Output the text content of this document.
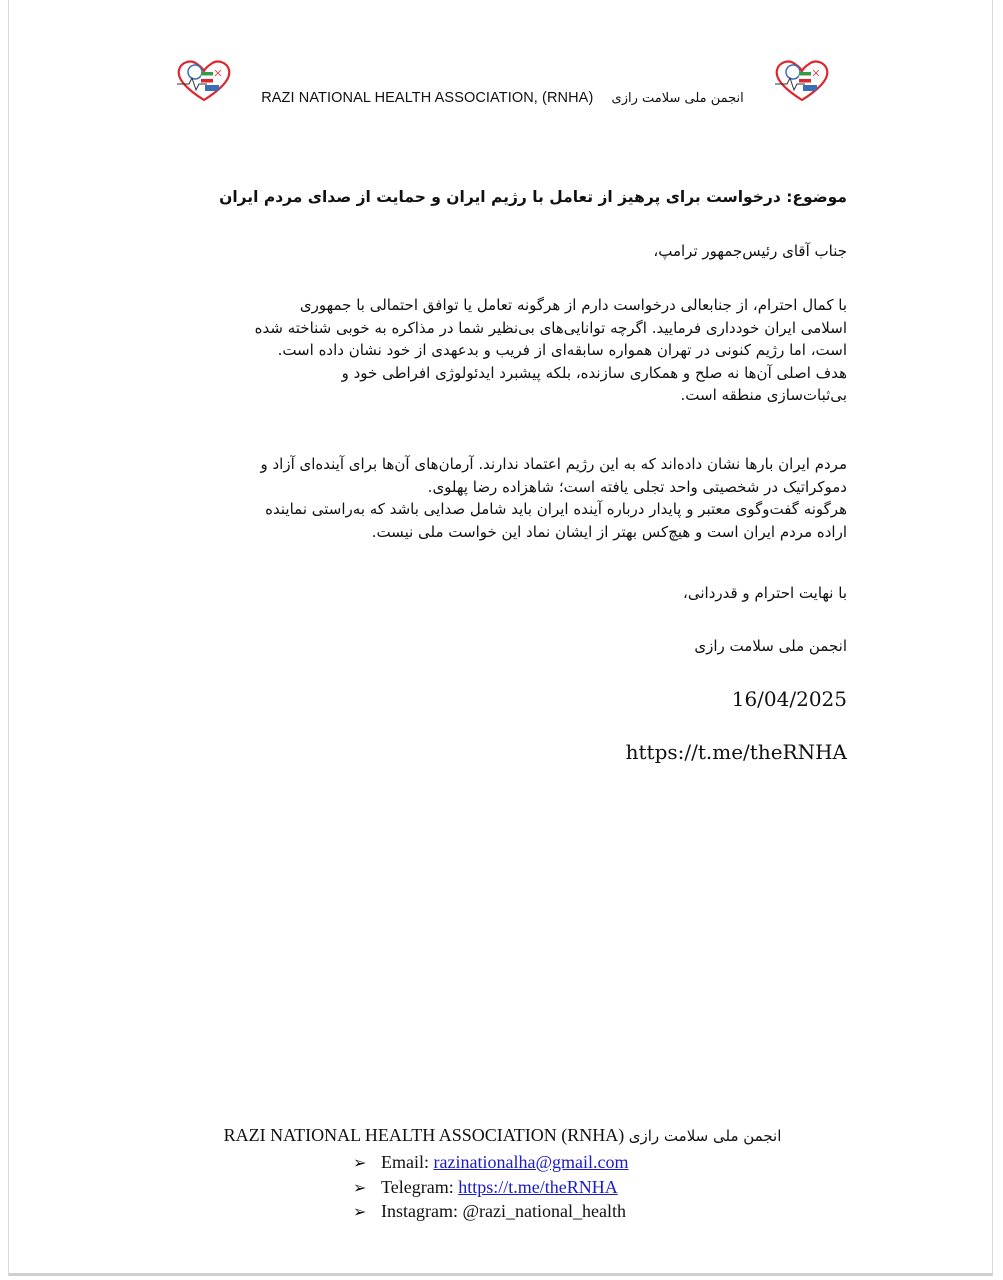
RAZI NATIONAL HEALTH ASSOCIATION, (RNHA) انجمن ملی سلامت رازی
موضوع: درخواست برای پرهیز از تعامل با رژیم ایران و حمایت از صدای مردم ایران
جناب آقای رئیس‌جمهور ترامپ،
با کمال احترام، از جنابعالی درخواست دارم از هرگونه تعامل یا توافق احتمالی با جمهوری
اسلامی ایران خودداری فرمایید. اگرچه توانایی‌های بی‌نظیر شما در مذاکره به خوبی شناخته شده
است، اما رژیم کنونی در تهران همواره سابقه‌ای از فریب و بدعهدی از خود نشان داده است.
هدف اصلی آن‌ها نه صلح و همکاری سازنده، بلکه پیشبرد ایدئولوژی افراطی خود و
بی‌ثبات‌سازی منطقه است.
مردم ایران بارها نشان داده‌اند که به این رژیم اعتماد ندارند. آرمان‌های آن‌ها برای آینده‌ای آزاد و
دموکراتیک در شخصیتی واحد تجلی یافته است؛ شاهزاده رضا پهلوی.
هرگونه گفت‌وگوی معتبر و پایدار درباره آینده ایران باید شامل صدایی باشد که به‌راستی نماینده
اراده مردم ایران است و هیچ‌کس بهتر از ایشان نماد این خواست ملی نیست.
با نهایت احترام و قدردانی،
انجمن ملی سلامت رازی
16/04/2025
https://t.me/theRNHA
RAZI NATIONAL HEALTH ASSOCIATION (RNHA) انجمن ملی سلامت رازی
➢ Email: razinationalha@gmail.com
➢ Telegram: https://t.me/theRNHA
➢ Instagram: @razi_national_health
